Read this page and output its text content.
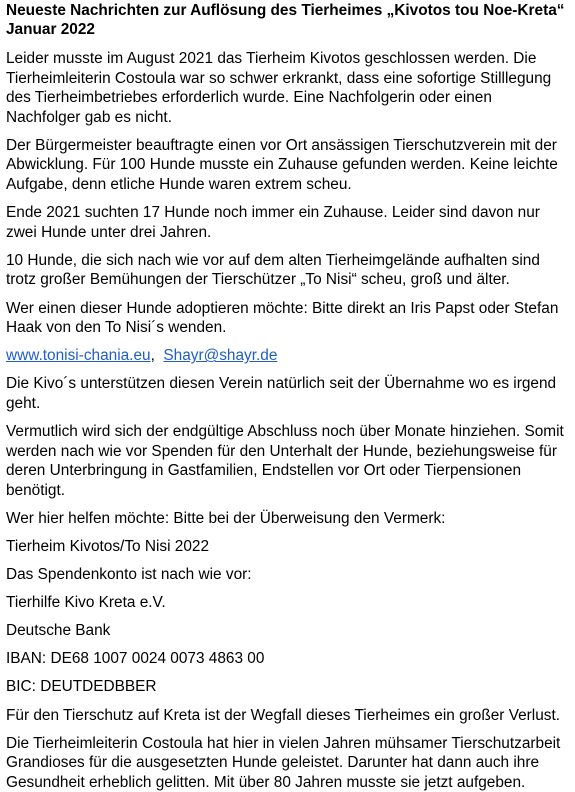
Neueste Nachrichten zur Auflösung des Tierheimes „Kivotos tou Noe-Kreta“
Januar 2022

Leider musste im August 2021 das Tierheim Kivotos geschlossen werden. Die Tierheimleiterin Costoula war so schwer erkrankt, dass eine sofortige Stilllegung des Tierheimbetriebes erforderlich wurde. Eine Nachfolgerin oder einen Nachfolger gab es nicht.

Der Bürgermeister beauftragte einen vor Ort ansässigen Tierschutzverein mit der Abwicklung. Für 100 Hunde musste ein Zuhause gefunden werden. Keine leichte Aufgabe, denn etliche Hunde waren extrem scheu.

Ende 2021 suchten 17 Hunde noch immer ein Zuhause. Leider sind davon nur zwei Hunde unter drei Jahren.

10 Hunde, die sich nach wie vor auf dem alten Tierheimgelände aufhalten sind trotz großer Bemühungen der Tierschützer „To Nisi“ scheu, groß und älter.

Wer einen dieser Hunde adoptieren möchte: Bitte direkt an Iris Papst oder Stefan Haak von den To Nisi´s wenden.

www.tonisi-chania.eu,  Shayr@shayr.de

Die Kivo´s unterstützen diesen Verein natürlich seit der Übernahme wo es irgend geht.

Vermutlich wird sich der endgültige Abschluss noch über Monate hinziehen. Somit werden nach wie vor Spenden für den Unterhalt der Hunde, beziehungsweise für deren Unterbringung in Gastfamilien, Endstellen vor Ort oder Tierpensionen benötigt.

Wer hier helfen möchte: Bitte bei der Überweisung den Vermerk:

Tierheim Kivotos/To Nisi 2022

Das Spendenkonto ist nach wie vor:

Tierhilfe Kivo Kreta e.V.

Deutsche Bank

IBAN: DE68 1007 0024 0073 4863 00

BIC: DEUTDEDBBER

Für den Tierschutz auf Kreta ist der Wegfall dieses Tierheimes ein großer Verlust.

Die Tierheimleiterin Costoula hat hier in vielen Jahren mühsamer Tierschutzarbeit Grandioses für die ausgesetzten Hunde geleistet. Darunter hat dann auch ihre Gesundheit erheblich gelitten. Mit über 80 Jahren musste sie jetzt aufgeben.
